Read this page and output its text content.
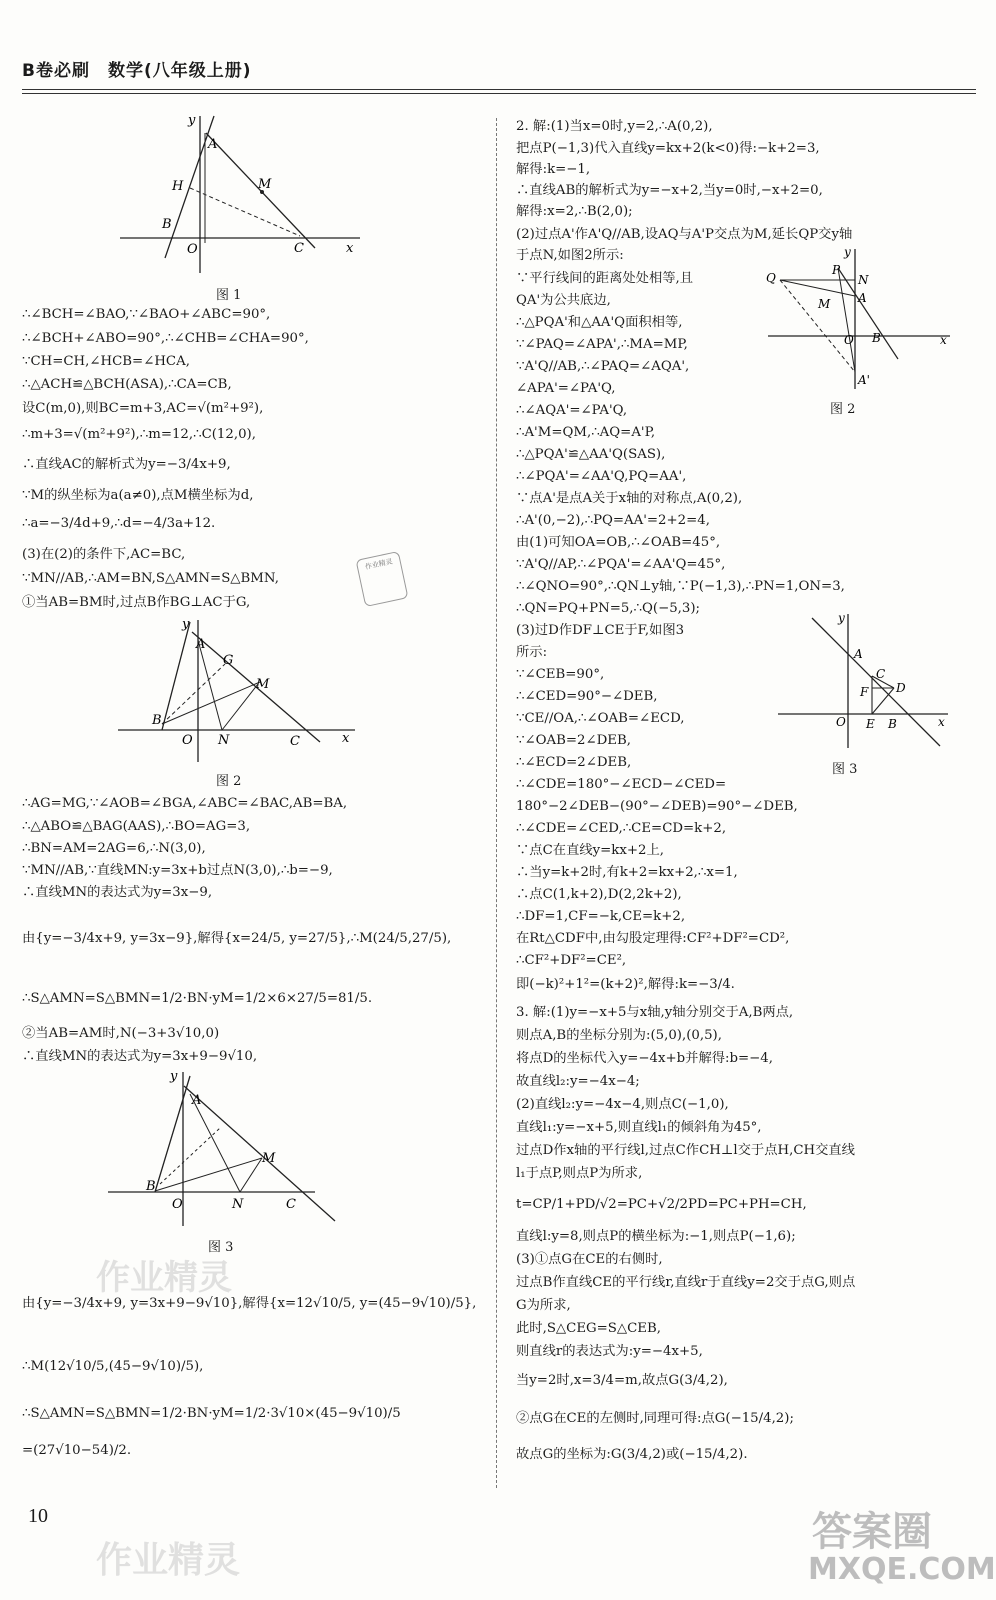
B卷必刷　数学(八年级上册)
y
A
H	M
B
O	C	x
图 1
∴∠BCH=∠BAO,∵∠BAO+∠ABC=90°,
∴∠BCH+∠ABO=90°,∴∠CHB=∠CHA=90°,
∵CH=CH,∠HCB=∠HCA,
∴△ACH≌△BCH(ASA),∴CA=CB,
设C(m,0),则BC=m+3,AC=√(m²+9²),
∴m+3=√(m²+9²),∴m=12,∴C(12,0),
∴直线AC的解析式为y=−3/4x+9,
∵M的纵坐标为a(a≠0),点M横坐标为d,
∴a=−3/4d+9,∴d=−4/3a+12.
(3)在(2)的条件下,AC=BC,
∵MN//AB,∴AM=BN,S△AMN=S△BMN,
①当AB=BM时,过点B作BG⊥AC于G,
作业精灵
y
A
G
M
B
O N	C	x
图 2
∴AG=MG,∵∠AOB=∠BGA,∠ABC=∠BAC,AB=BA,
∴△ABO≌△BAG(AAS),∴BO=AG=3,
∴BN=AM=2AG=6,∴N(3,0),
∵MN//AB,∵直线MN:y=3x+b过点N(3,0),∴b=−9,
∴直线MN的表达式为y=3x−9,
由{y=−3/4x+9, y=3x−9},解得{x=24/5, y=27/5},∴M(24/5,27/5),
∴S△AMN=S△BMN=1/2·BN·yM=1/2×6×27/5=81/5.
②当AB=AM时,N(−3+3√10,0)
∴直线MN的表达式为y=3x+9−9√10,
y
A
M
B
O	N	C
图 3
由{y=−3/4x+9, y=3x+9−9√10},解得{x=12√10/5, y=(45−9√10)/5},
∴M(12√10/5,(45−9√10)/5),
∴S△AMN=S△BMN=1/2·BN·yM=1/2·3√10×(45−9√10)/5
=(27√10−54)/2.
2. 解:(1)当x=0时,y=2,∴A(0,2),
把点P(−1,3)代入直线y=kx+2(k<0)得:−k+2=3,
解得:k=−1,
∴直线AB的解析式为y=−x+2,当y=0时,−x+2=0,
解得:x=2,∴B(2,0);
(2)过点A'作A'Q//AB,设AQ与A'P交点为M,延长QP交y轴
于点N,如图2所示:	y
Q
P
N
M A
O B
A'
x
图 2
∵平行线间的距离处处相等,且
QA'为公共底边,
∴△PQA'和△AA'Q面积相等,
∵∠PAQ=∠APA',∴MA=MP,
∵A'Q//AB,∴∠PAQ=∠AQA',
∠APA'=∠PA'Q,
∴∠AQA'=∠PA'Q,
∴A'M=QM,∴AQ=A'P,
∴△PQA'≌△AA'Q(SAS),
∴∠PQA'=∠AA'Q,PQ=AA',
∵点A'是点A关于x轴的对称点,A(0,2),
∴A'(0,−2),∴PQ=AA'=2+2=4,
由(1)可知OA=OB,∴∠OAB=45°,
∵A'Q//AP,∴∠PQA'=∠AA'Q=45°,
∴∠QNO=90°,∴QN⊥y轴,∵P(−1,3),∴PN=1,ON=3,
∴QN=PQ+PN=5,∴Q(−5,3);
(3)过D作DF⊥CE于F,如图3
所示:
∵∠CEB=90°,
∴∠CED=90°−∠DEB,
∵CE//OA,∴∠OAB=∠ECD,
∵∠OAB=2∠DEB,
∴∠ECD=2∠DEB,
∴∠CDE=180°−∠ECD−∠CED=
180°−2∠DEB−(90°−∠DEB)=90°−∠DEB,
∴∠CDE=∠CED,∴CE=CD=k+2,
∵点C在直线y=kx+2上,
∴当y=k+2时,有k+2=kx+2,∴x=1,
∴点C(1,k+2),D(2,2k+2),
∴DF=1,CF=−k,CE=k+2,
在Rt△CDF中,由勾股定理得:CF²+DF²=CD²,
∴CF²+DF²=CE²,
即(−k)²+1²=(k+2)²,解得:k=−3/4.
y
A
C
F D
O E B	x
图 3
3. 解:(1)y=−x+5与x轴,y轴分别交于A,B两点,
则点A,B的坐标分别为:(5,0),(0,5),
将点D的坐标代入y=−4x+b并解得:b=−4,
故直线l₂:y=−4x−4;
(2)直线l₂:y=−4x−4,则点C(−1,0),
直线l₁:y=−x+5,则直线l₁的倾斜角为45°,
过点D作x轴的平行线l,过点C作CH⊥l交于点H,CH交直线
l₁于点P,则点P为所求,
t=CP/1+PD/√2=PC+√2/2PD=PC+PH=CH,
直线l:y=8,则点P的横坐标为:−1,则点P(−1,6);
(3)①点G在CE的右侧时,
过点B作直线CE的平行线r,直线r于直线y=2交于点G,则点
G为所求,
此时,S△CEG=S△CEB,
则直线r的表达式为:y=−4x+5,
当y=2时,x=3/4=m,故点G(3/4,2),
②点G在CE的左侧时,同理可得:点G(−15/4,2);
故点G的坐标为:G(3/4,2)或(−15/4,2).
10
作业精灵
作业精灵
答案圈
MXQE.COM
